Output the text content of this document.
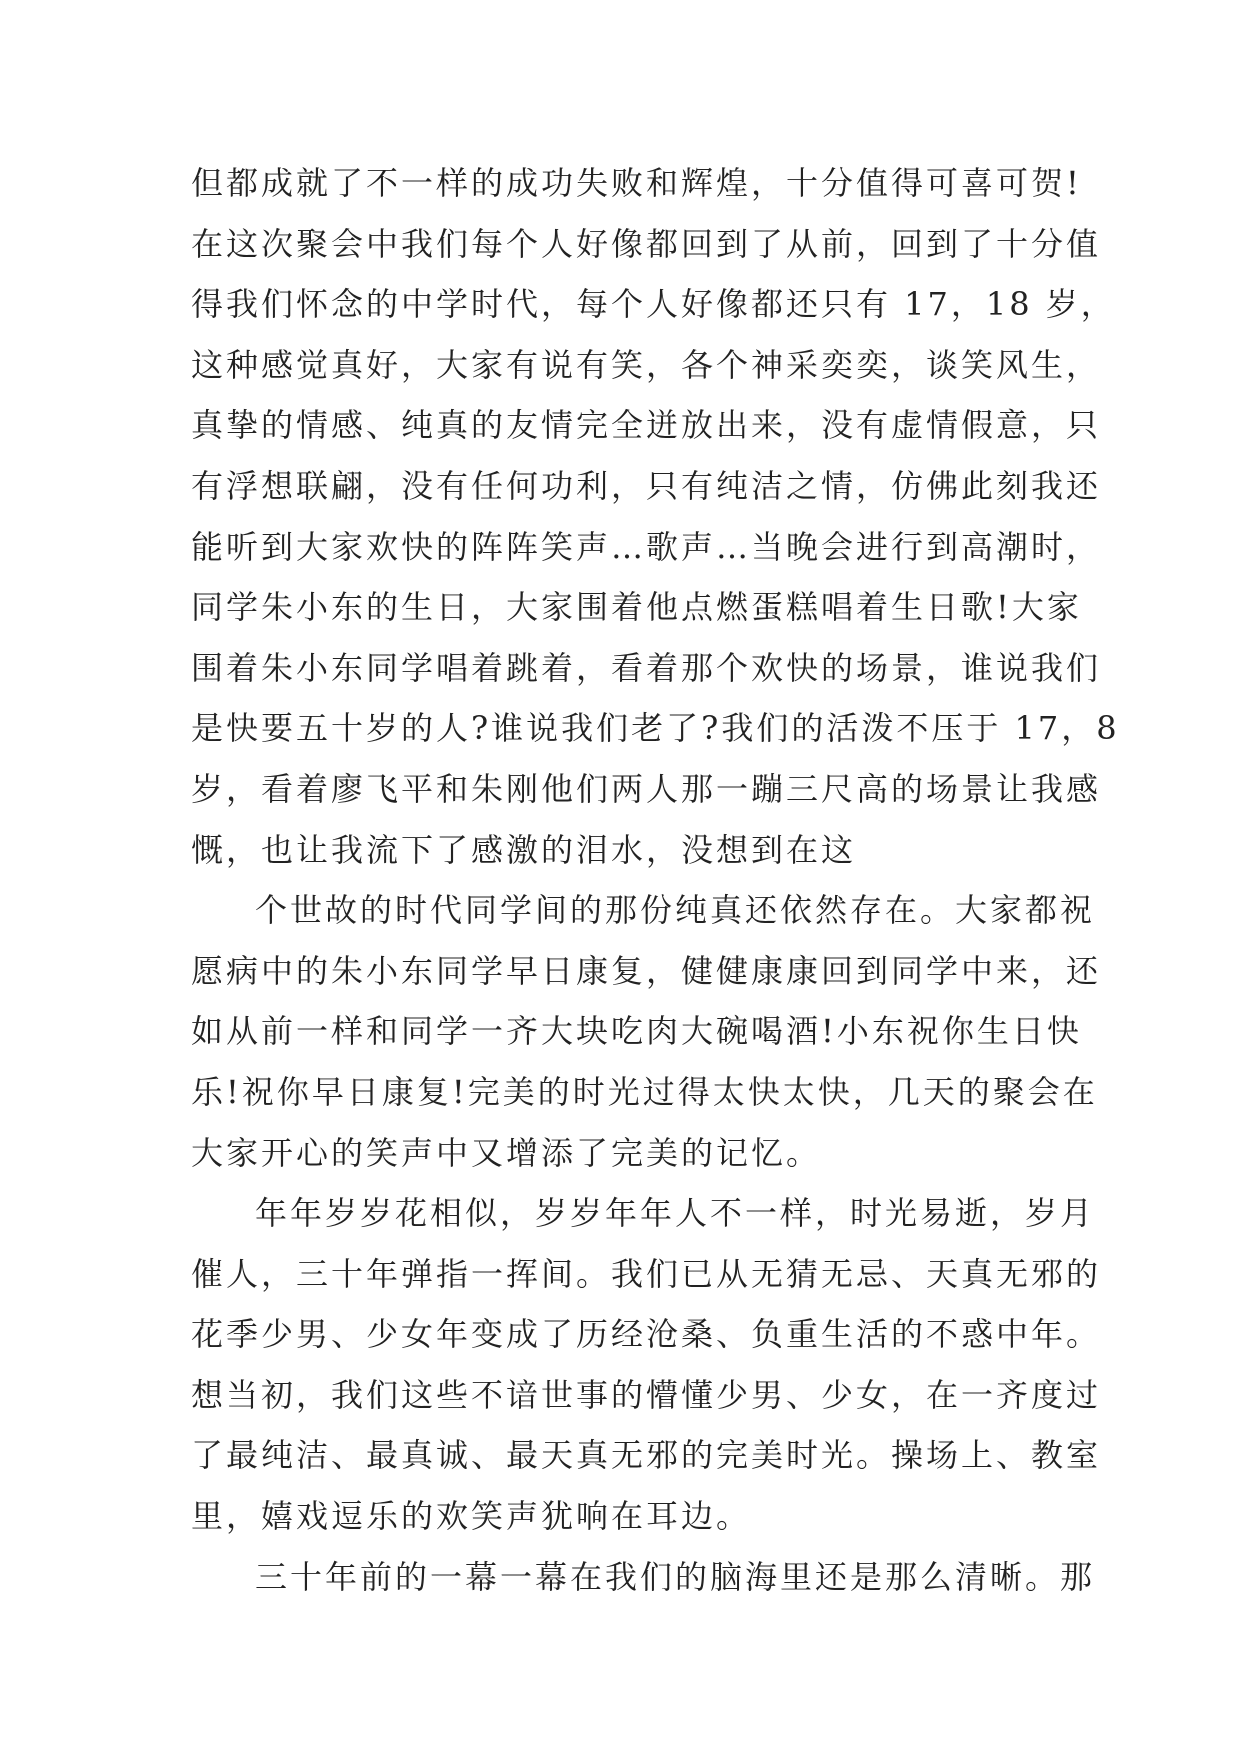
但都成就了不一样的成功失败和辉煌，十分值得可喜可贺!
在这次聚会中我们每个人好像都回到了从前，回到了十分值
得我们怀念的中学时代，每个人好像都还只有 17，18 岁，
这种感觉真好，大家有说有笑，各个神采奕奕，谈笑风生，
真挚的情感、纯真的友情完全迸放出来，没有虚情假意，只
有浮想联翩，没有任何功利，只有纯洁之情，仿佛此刻我还
能听到大家欢快的阵阵笑声…歌声…当晚会进行到高潮时，
同学朱小东的生日，大家围着他点燃蛋糕唱着生日歌!大家
围着朱小东同学唱着跳着，看着那个欢快的场景，谁说我们
是快要五十岁的人?谁说我们老了?我们的活泼不压于 17，8
岁，看着廖飞平和朱刚他们两人那一蹦三尺高的场景让我感
慨，也让我流下了感激的泪水，没想到在这
个世故的时代同学间的那份纯真还依然存在。大家都祝
愿病中的朱小东同学早日康复，健健康康回到同学中来，还
如从前一样和同学一齐大块吃肉大碗喝酒!小东祝你生日快
乐!祝你早日康复!完美的时光过得太快太快，几天的聚会在
大家开心的笑声中又增添了完美的记忆。
年年岁岁花相似，岁岁年年人不一样，时光易逝，岁月
催人，三十年弹指一挥间。我们已从无猜无忌、天真无邪的
花季少男、少女年变成了历经沧桑、负重生活的不惑中年。
想当初，我们这些不谙世事的懵懂少男、少女，在一齐度过
了最纯洁、最真诚、最天真无邪的完美时光。操场上、教室
里，嬉戏逗乐的欢笑声犹响在耳边。
三十年前的一幕一幕在我们的脑海里还是那么清晰。那
